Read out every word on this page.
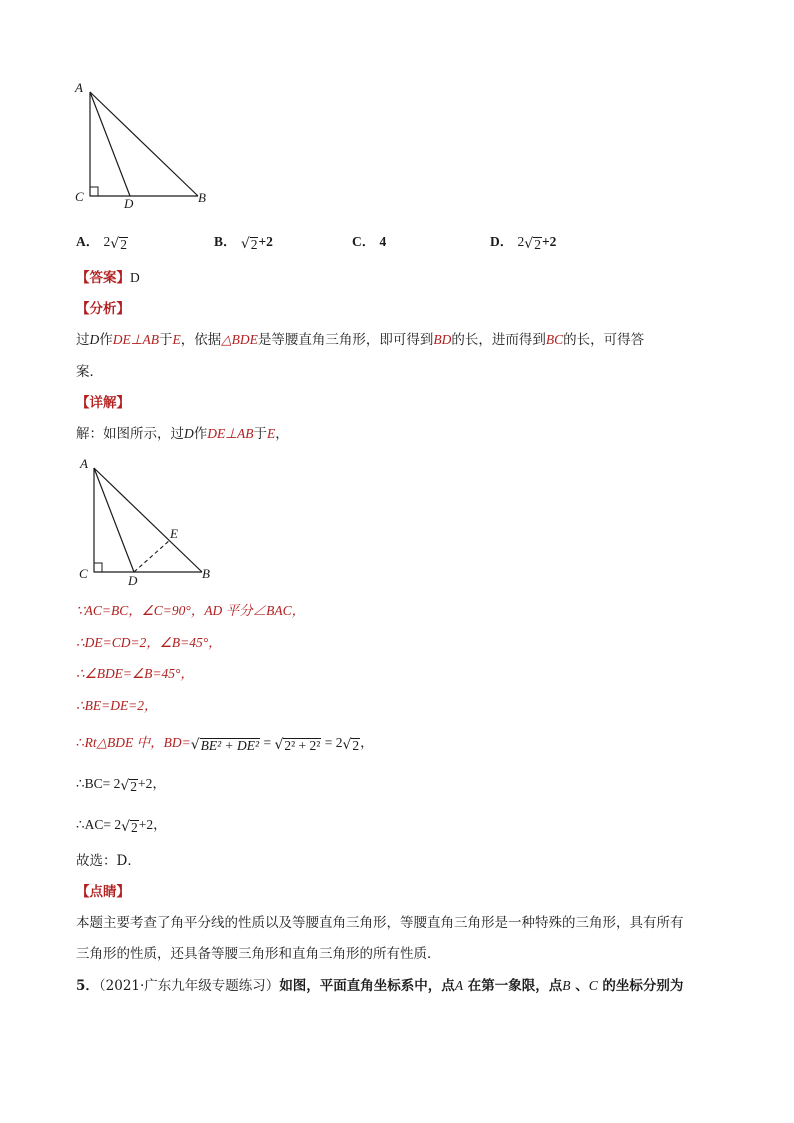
A
C	D	B
A． 2 √ 2	B． √ 2 +2	C． 4	D． 2 √ 2 +2
【答案】D
【分析】
过D作DE⊥AB于E，依据△BDE是等腰直角三角形，即可得到BD的长，进而得到BC的长，可得答
案．
【详解】
解：如图所示，过D作DE⊥AB于E，
A
C	D
E
B
∵AC=BC，∠C=90°，AD 平分∠BAC，
∴DE=CD=2，∠B=45°，
∴∠BDE=∠B=45°，
∴BE=DE=2，
∴Rt△BDE 中，BD= √ BE² + DE² = √ 2² + 2² = 2 √ 2 ，
∴BC= 2 √ 2 +2，
∴AC= 2 √ 2 +2，
故选：D．
【点睛】
本题主要考查了角平分线的性质以及等腰直角三角形，等腰直角三角形是一种特殊的三角形，具有所有
三角形的性质，还具备等腰三角形和直角三角形的所有性质．
5．（2021·广东九年级专题练习）如图，平面直角坐标系中，点A 在第一象限，点B 、C 的坐标分别为
